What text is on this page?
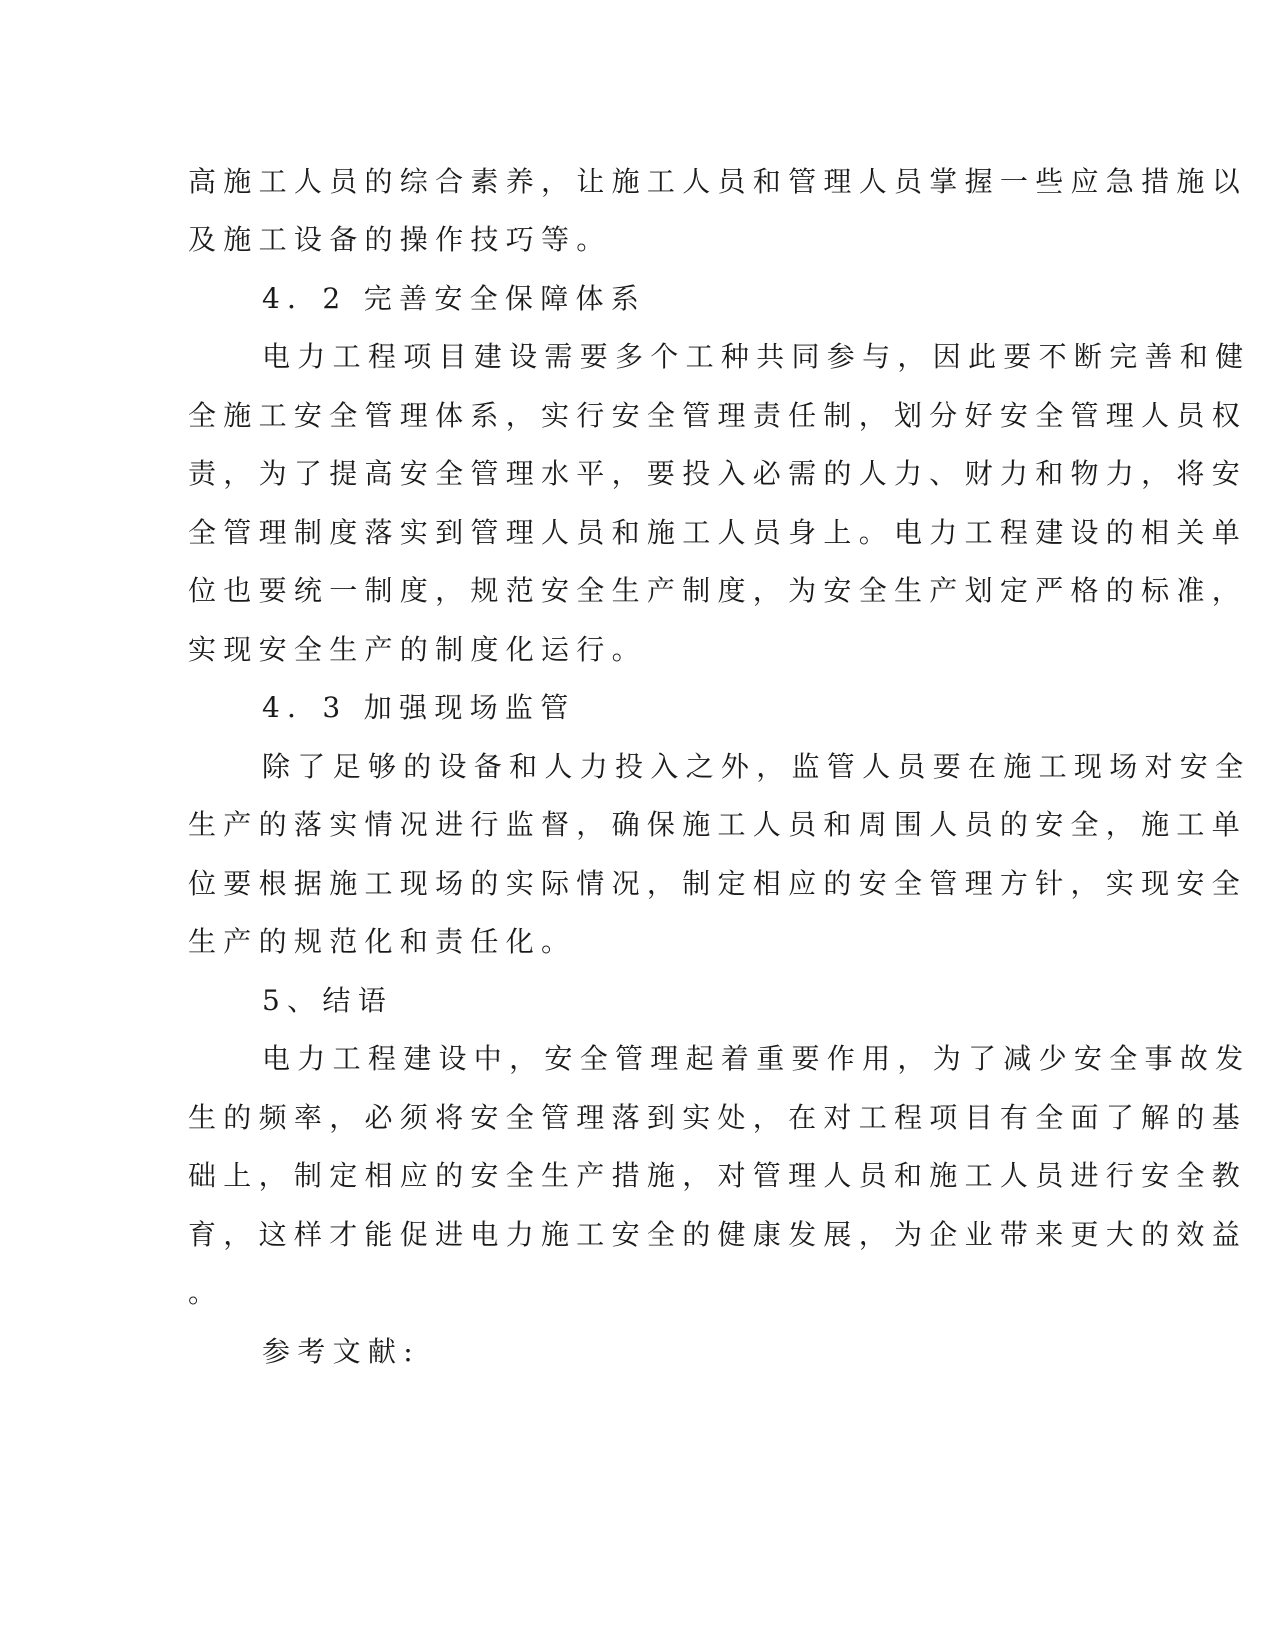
高施工人员的综合素养，让施工人员和管理人员掌握一些应急措施以

及施工设备的操作技巧等。

4．2 完善安全保障体系

电力工程项目建设需要多个工种共同参与，因此要不断完善和健

全施工安全管理体系，实行安全管理责任制，划分好安全管理人员权

责，为了提高安全管理水平，要投入必需的人力、财力和物力，将安

全管理制度落实到管理人员和施工人员身上。电力工程建设的相关单

位也要统一制度，规范安全生产制度，为安全生产划定严格的标准，

实现安全生产的制度化运行。

4．3 加强现场监管

除了足够的设备和人力投入之外，监管人员要在施工现场对安全

生产的落实情况进行监督，确保施工人员和周围人员的安全，施工单

位要根据施工现场的实际情况，制定相应的安全管理方针，实现安全

生产的规范化和责任化。

5、结语

电力工程建设中，安全管理起着重要作用，为了减少安全事故发

生的频率，必须将安全管理落到实处，在对工程项目有全面了解的基

础上，制定相应的安全生产措施，对管理人员和施工人员进行安全教

育，这样才能促进电力施工安全的健康发展，为企业带来更大的效益

。

参考文献:
